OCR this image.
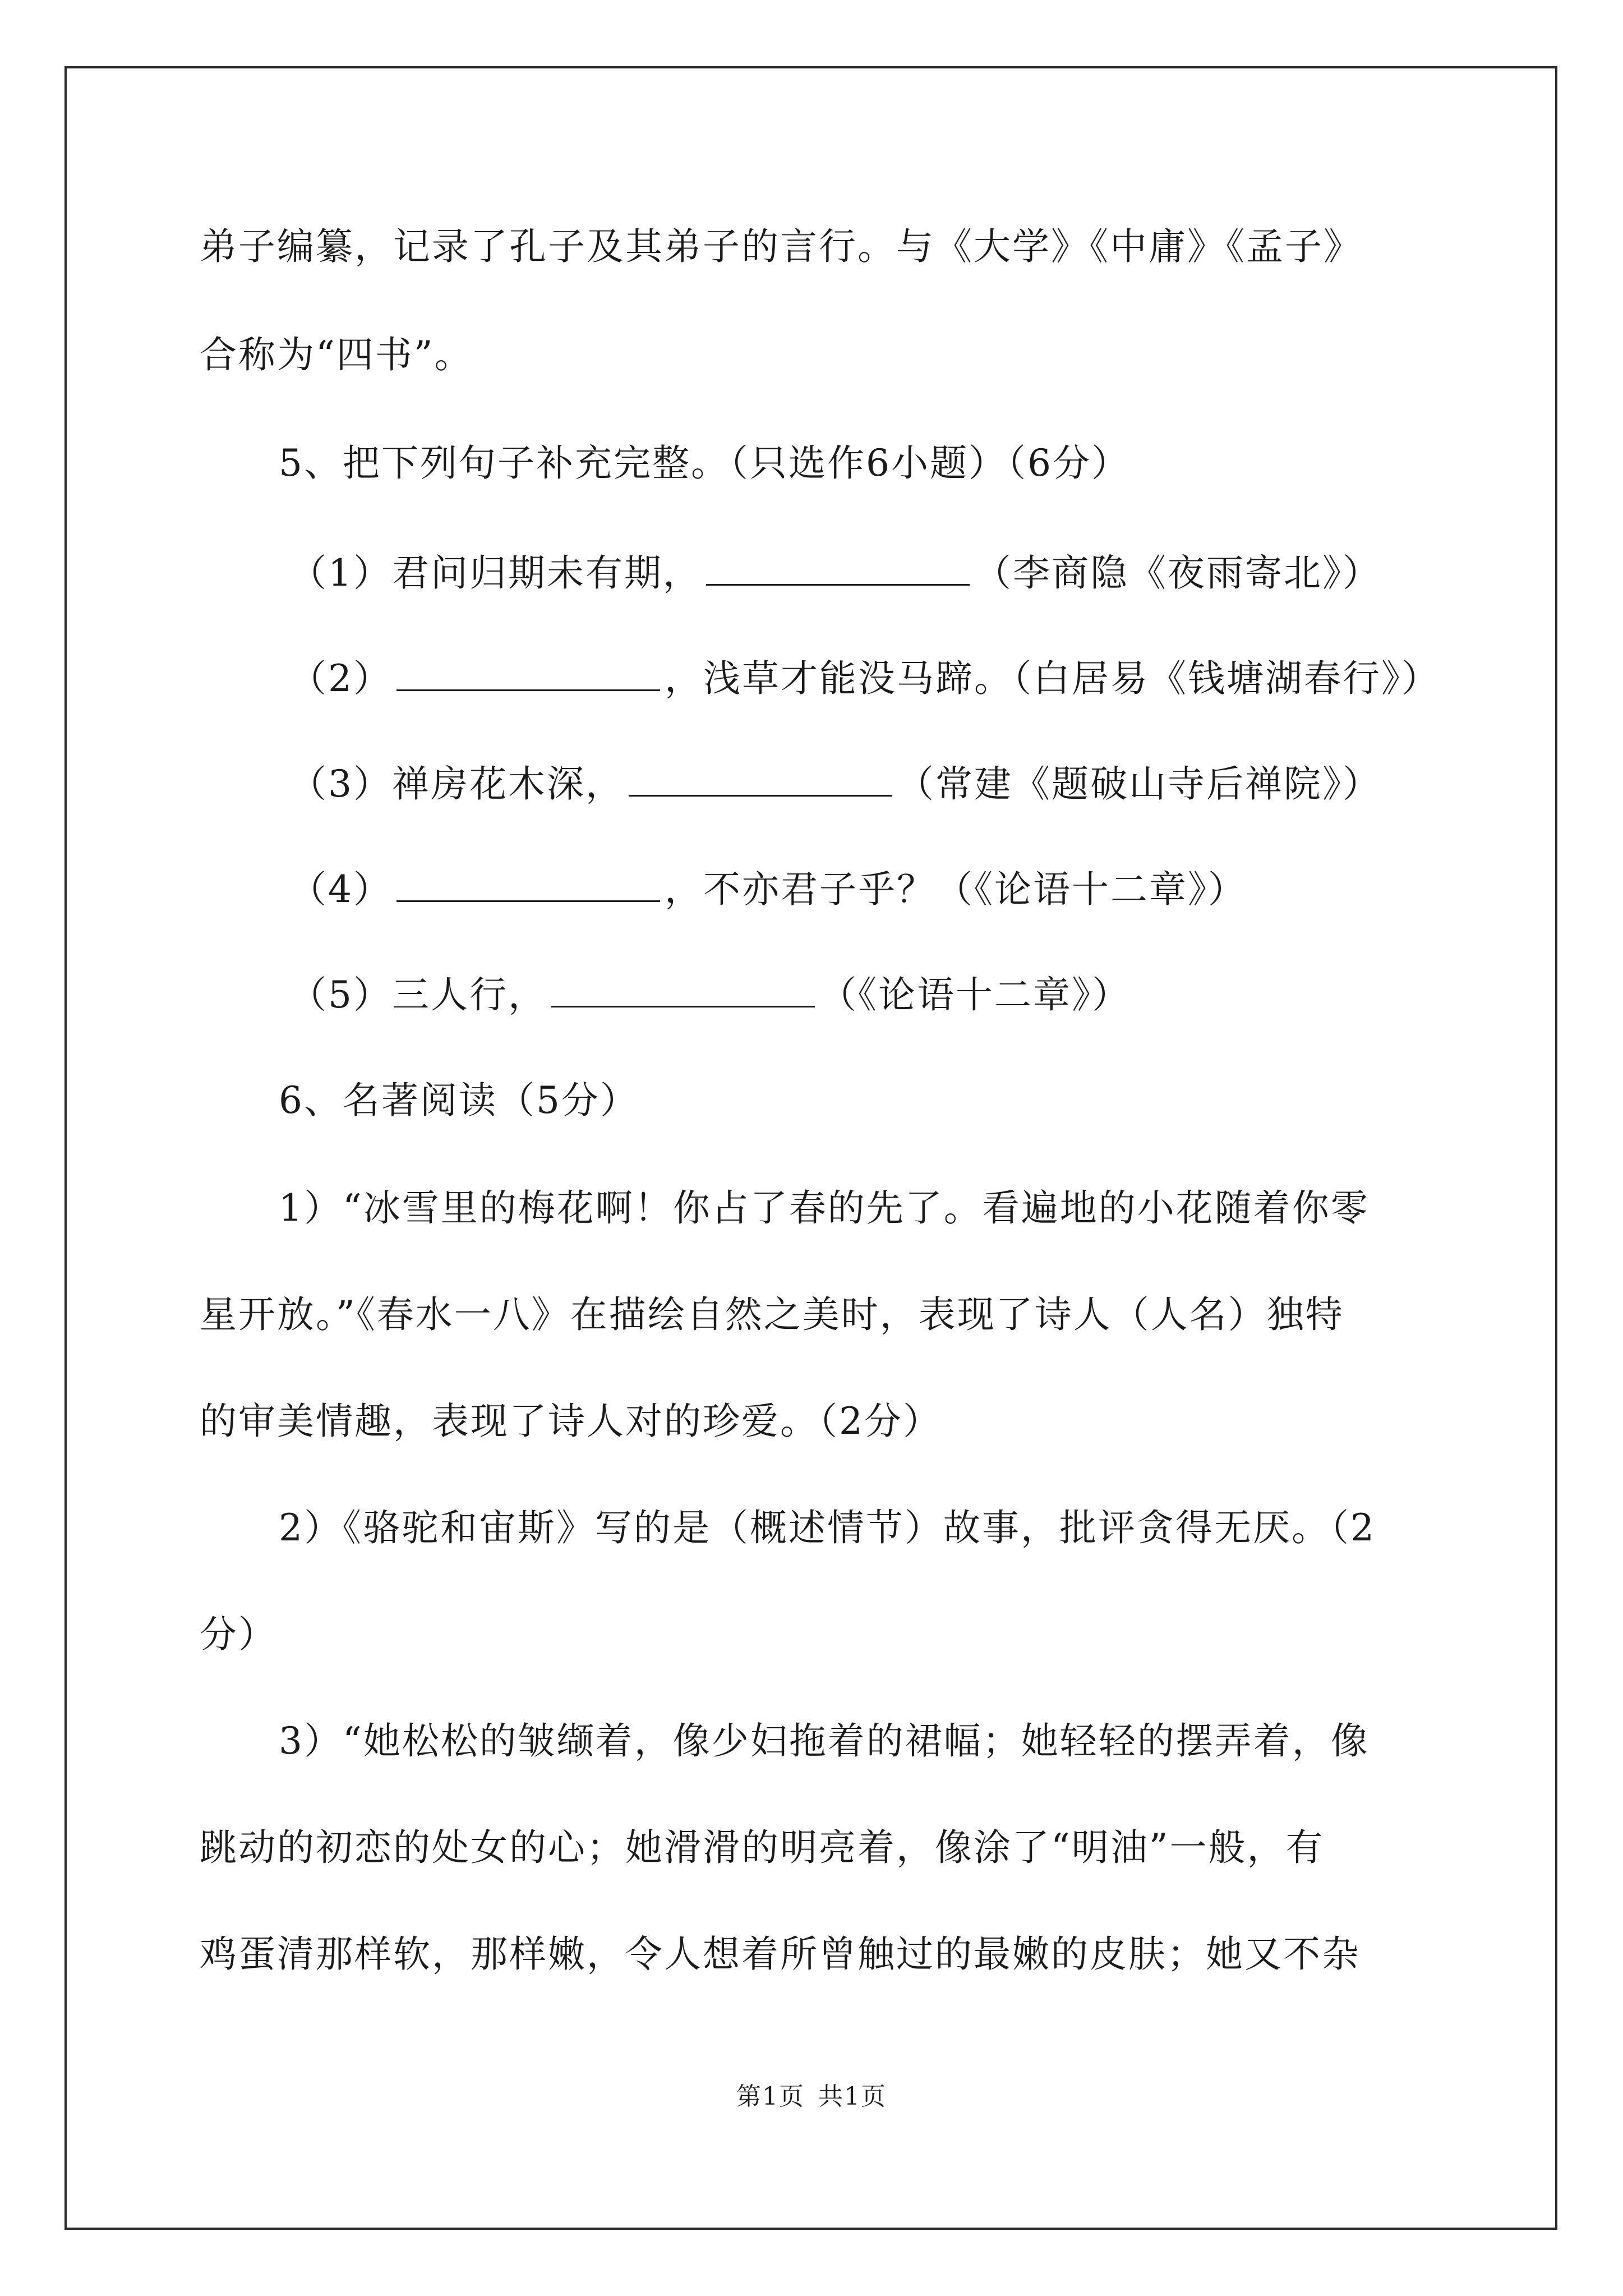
弟子编纂，记录了孔子及其弟子的言行。与《大学》《中庸》《孟子》
合称为“四书”。
5、把下列句子补充完整。（只选作6小题）（6分）
（1）君问归期未有期，	（李商隐《夜雨寄北》）
（2）	，浅草才能没马蹄。（白居易《钱塘湖春行》）
（3）禅房花木深，	（常建《题破山寺后禅院》）
（4）	，不亦君子乎？（《论语十二章》）
（5）三人行，	（《论语十二章》）
6、名著阅读（5分）
1）“冰雪里的梅花啊！你占了春的先了。看遍地的小花随着你零
星开放。”《春水一八》在描绘自然之美时，表现了诗人（人名）独特
的审美情趣，表现了诗人对的珍爱。（2分）
2）《骆驼和宙斯》写的是（概述情节）故事，批评贪得无厌。（2
分）
3）“她松松的皱缬着，像少妇拖着的裙幅；她轻轻的摆弄着，像
跳动的初恋的处女的心；她滑滑的明亮着，像涂了“明油”一般，有
鸡蛋清那样软，那样嫩，令人想着所曾触过的最嫩的皮肤；她又不杂
第1页 共1页
